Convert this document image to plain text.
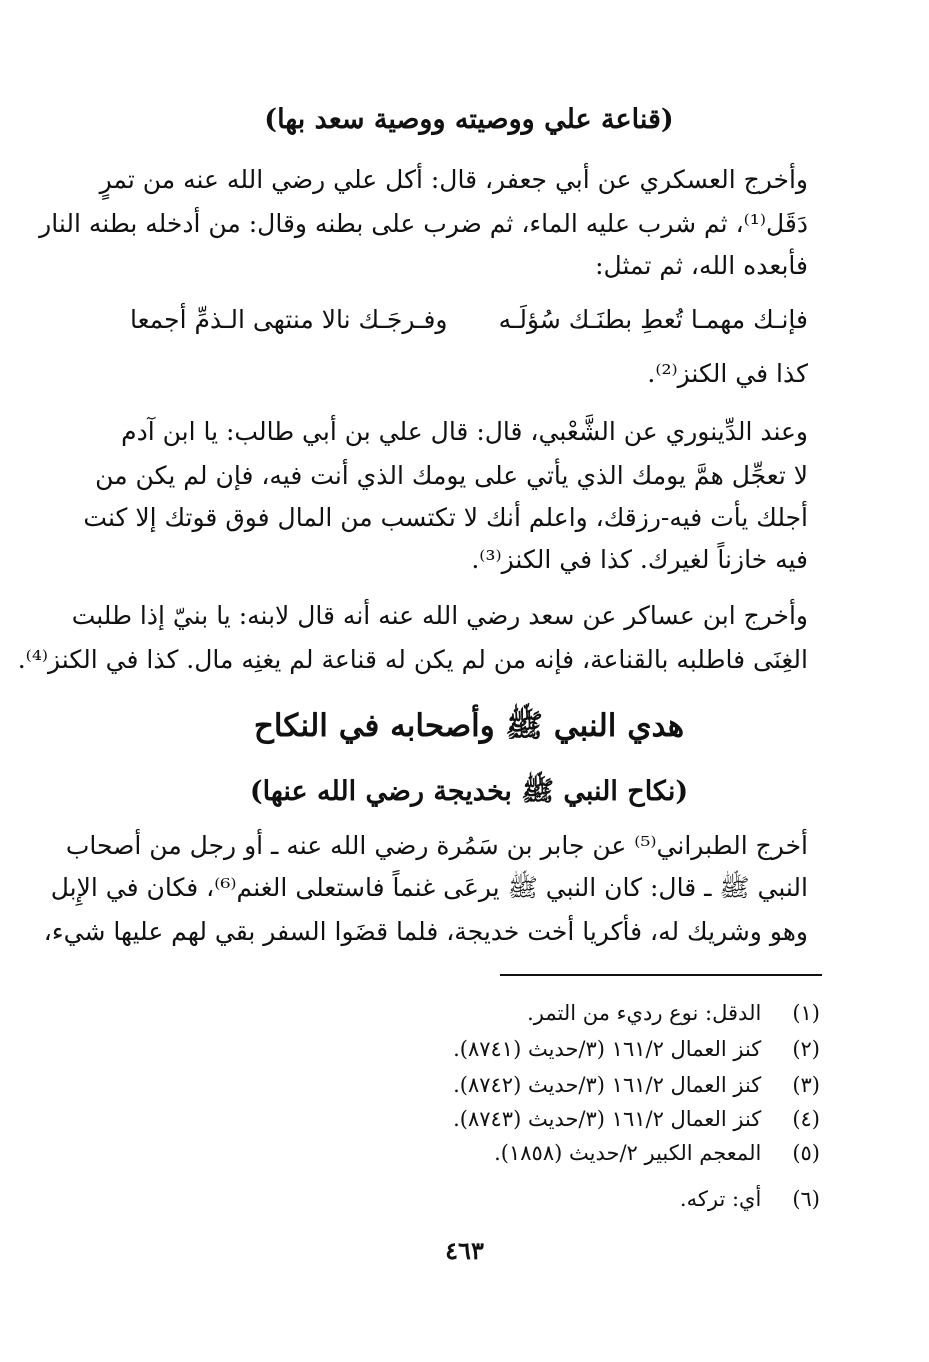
(قناعة علي ووصيته ووصية سعد بها)
وأخرج العسكري عن أبي جعفر، قال: أكل علي رضي الله عنه من تمرٍ
دَقَل⁽¹⁾، ثم شرب عليه الماء، ثم ضرب على بطنه وقال: من أدخله بطنه النار
فأبعده الله، ثم تمثل:
فإنـك مهمـا تُعطِ بطنَـك سُؤلَـه
وفـرجَـك نالا منتهى الـذمِّ أجمعا
كذا في الكنز⁽²⁾.
وعند الدِّينوري عن الشَّعْبي، قال: قال علي بن أبي طالب: يا ابن آدم
لا تعجِّل همَّ يومك الذي يأتي على يومك الذي أنت فيه، فإن لم يكن من
أجلك يأت فيه-رزقك، واعلم أنك لا تكتسب من المال فوق قوتك إلا كنت
فيه خازناً لغيرك. كذا في الكنز⁽³⁾.
وأخرج ابن عساكر عن سعد رضي الله عنه أنه قال لابنه: يا بنيّ إذا طلبت
الغِنَى فاطلبه بالقناعة، فإنه من لم يكن له قناعة لم يغنِه مال. كذا في الكنز⁽⁴⁾.
هدي النبي ﷺ وأصحابه في النكاح
(نكاح النبي ﷺ بخديجة رضي الله عنها)
أخرج الطبراني⁽⁵⁾ عن جابر بن سَمُرة رضي الله عنه ـ أو رجل من أصحاب
النبي ﷺ ـ قال: كان النبي ﷺ يرعَى غنماً فاستعلى الغنم⁽⁶⁾، فكان في الإِبل
وهو وشريك له، فأكريا أخت خديجة، فلما قضَوا السفر بقي لهم عليها شيء،
(١) الدقل: نوع رديء من التمر.
(٢) كنز العمال ١٦١/٢ (٣/حديث (٨٧٤١).
(٣) كنز العمال ١٦١/٢ (٣/حديث (٨٧٤٢).
(٤) كنز العمال ١٦١/٢ (٣/حديث (٨٧٤٣).
(٥) المعجم الكبير ٢/حديث (١٨٥٨).
(٦) أي: تركه.
٤٦٣
